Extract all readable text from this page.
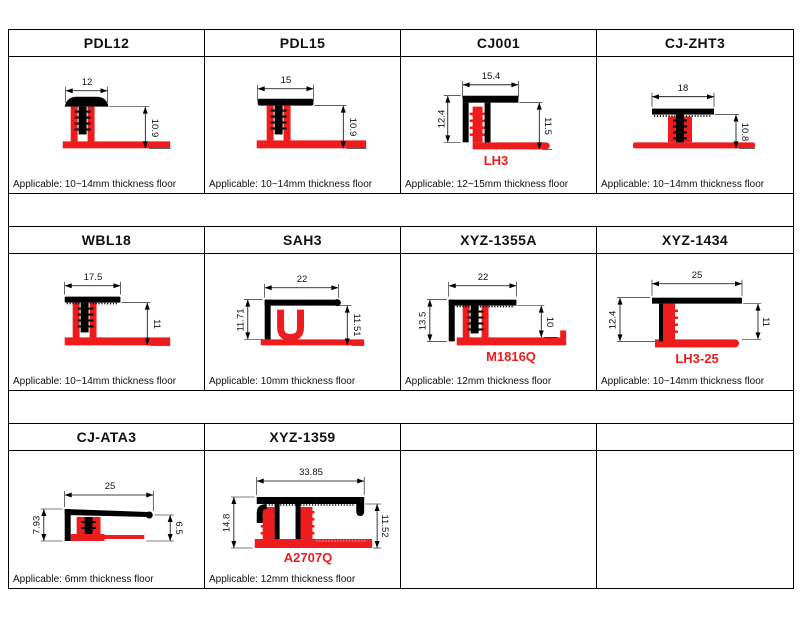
PDL12	PDL15	CJ001	CJ-ZHT3
12
10.9
Applicable: 10~14mm thickness floor
15
10.9
Applicable: 10~14mm thickness floor
15.4
12.4	11.5
LH3
Applicable: 12~15mm thickness floor
18
10.8
Applicable: 10~14mm thickness floor
WBL18	SAH3	XYZ-1355A	XYZ-1434
17.5
11
Applicable: 10~14mm thickness floor
22
11.71	11.51
Applicable: 10mm thickness floor
22
13.5	10
M1816Q
Applicable: 12mm thickness floor
25
12.4	11
LH3-25
Applicable: 10~14mm thickness floor
CJ-ATA3	XYZ-1359
25
7.93	6.5
Applicable: 6mm thickness floor
33.85
14.8	11.52
A2707Q
Applicable: 12mm thickness floor
